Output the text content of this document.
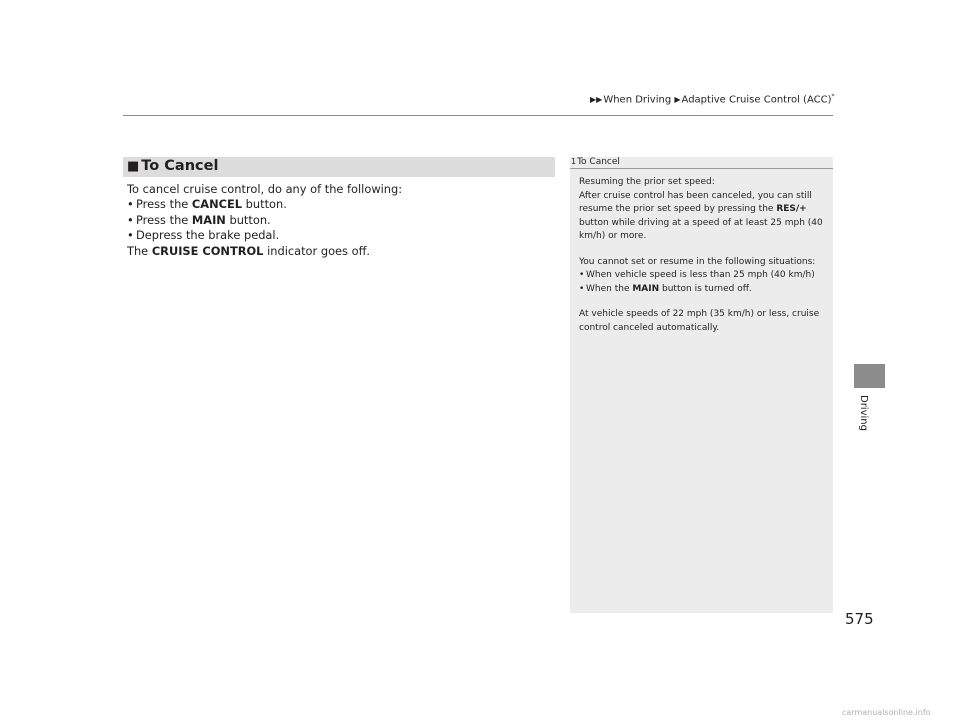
▶▶When Driving ▶Adaptive Cruise Control (ACC)*
■ To Cancel

To cancel cruise control, do any of the following:

• Press the CANCEL button.
• Press the MAIN button.
• Depress the brake pedal.

The CRUISE CONTROL indicator goes off.

1To Cancel

Resuming the prior set speed:

After cruise control has been canceled, you can still resume the prior set speed by pressing the RES/+ button while driving at a speed of at least 25 mph (40 km/h) or more.

You cannot set or resume in the following situations:

• When vehicle speed is less than 25 mph (40 km/h)
• When the MAIN button is turned off.

At vehicle speeds of 22 mph (35 km/h) or less, cruise control canceled automatically.

Driving
575
carmanualsonline.info
